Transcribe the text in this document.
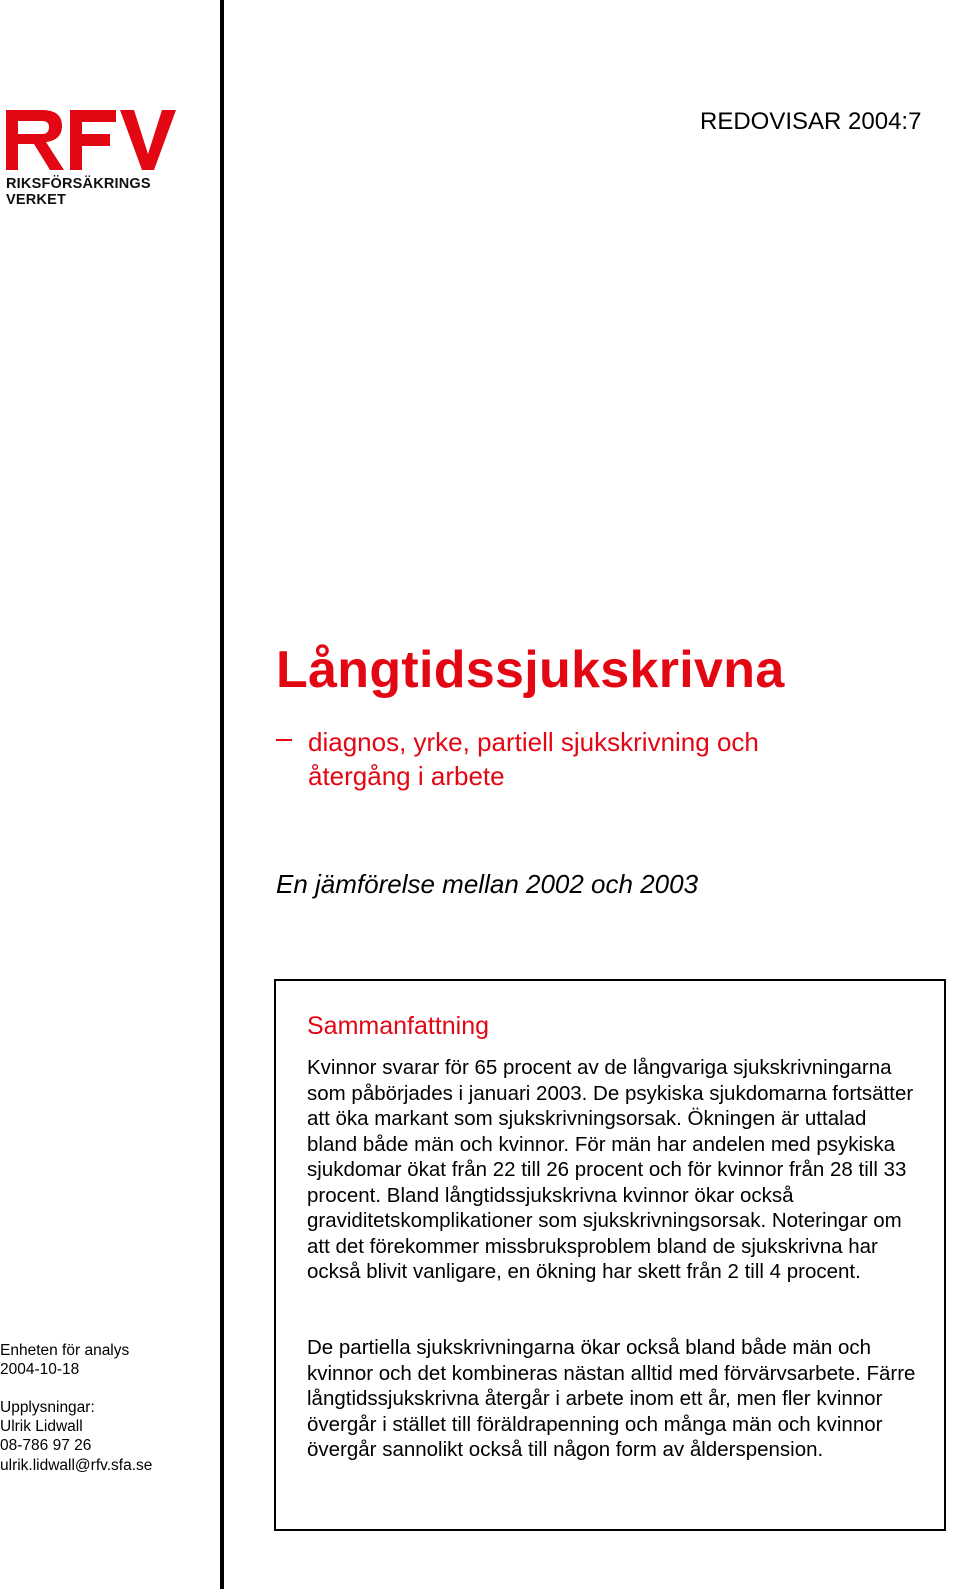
RIKSFÖRSÄKRINGS
VERKET
REDOVISAR 2004:7
Långtidssjukskrivna
diagnos, yrke, partiell sjukskrivning och återgång i arbete
En jämförelse mellan 2002 och 2003
Sammanfattning
Kvinnor svarar för 65 procent av de långvariga sjukskrivningarna som påbörjades i januari 2003. De psykiska sjukdomarna fortsätter att öka markant som sjukskrivningsorsak. Ökningen är uttalad bland både män och kvinnor. För män har andelen med psykiska sjukdomar ökat från 22 till 26 procent och för kvinnor från 28 till 33 procent. Bland långtidssjukskrivna kvinnor ökar också graviditetskomplikationer som sjukskrivningsorsak. Noteringar om att det förekommer missbruksproblem bland de sjukskrivna har också blivit vanligare, en ökning har skett från 2 till 4 procent.
De partiella sjukskrivningarna ökar också bland både män och kvinnor och det kombineras nästan alltid med förvärvsarbete. Färre långtidssjukskrivna återgår i arbete inom ett år, men fler kvinnor övergår i stället till föräldrapenning och många män och kvinnor övergår sannolikt också till någon form av ålderspension.
Enheten för analys
2004-10-18
Upplysningar:
Ulrik Lidwall
08-786 97 26
ulrik.lidwall@rfv.sfa.se
